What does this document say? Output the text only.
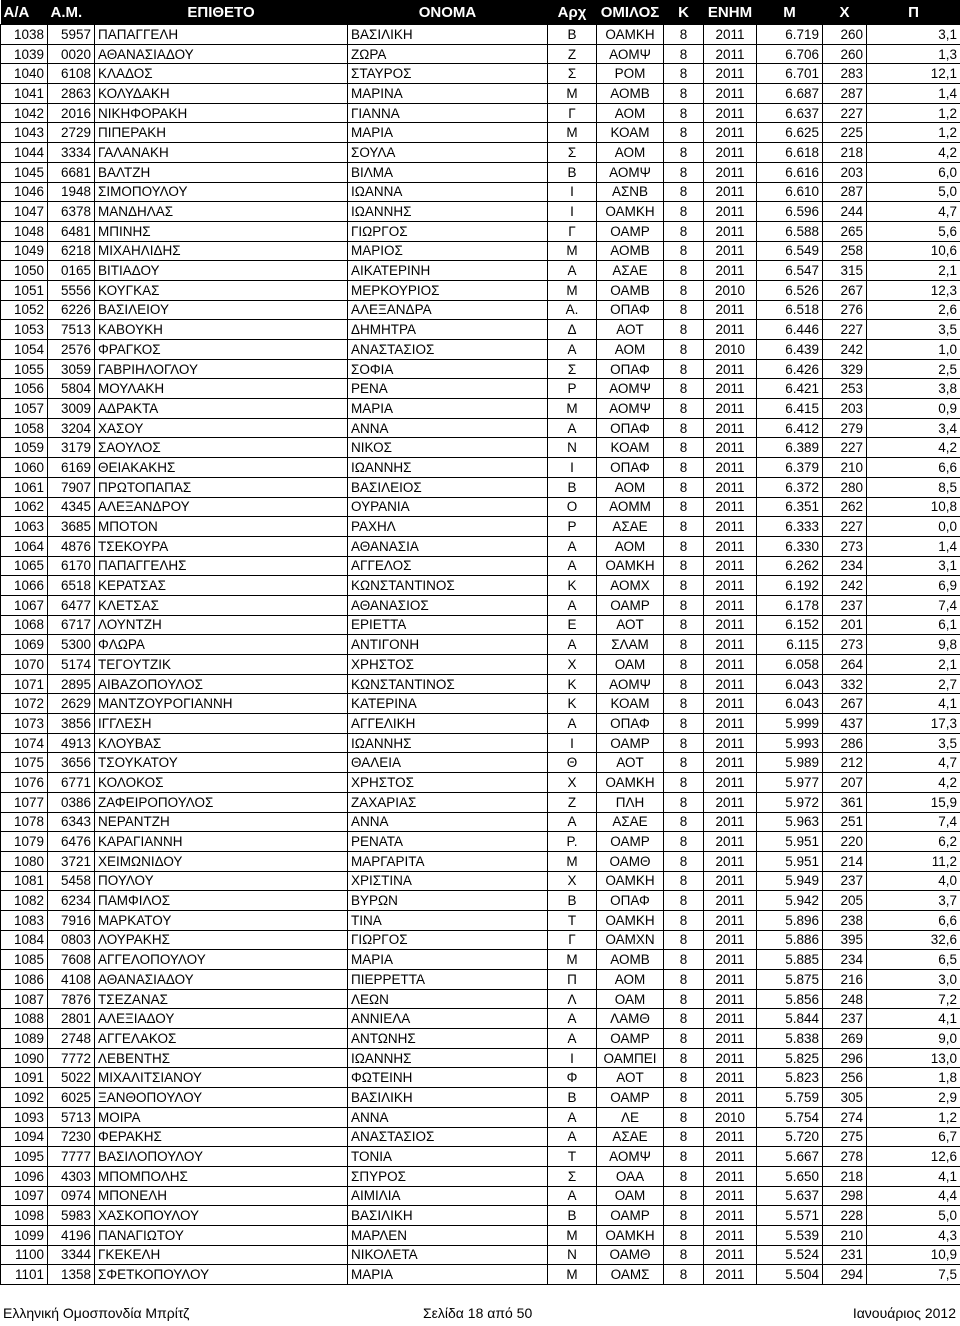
Α/Α	Α.Μ.	ΕΠΙΘΕΤΟ	ΟΝΟΜΑ	Αρχ	ΟΜΙΛΟΣ	Κ	ΕΝΗΜ	Μ	Χ	Π
1038	5957	ΠΑΠΑΓΓΕΛΗ	ΒΑΣΙΛΙΚΗ	Β	ΟΑΜΚΗ	8	2011	6.719	260	3,1
1039	0020	ΑΘΑΝΑΣΙΑΔΟΥ	ΖΩΡΑ	Ζ	ΑΟΜΨ	8	2011	6.706	260	1,3
1040	6108	ΚΛΑΔΟΣ	ΣΤΑΥΡΟΣ	Σ	ΡΟΜ	8	2011	6.701	283	12,1
1041	2863	ΚΟΛΥΔΑΚΗ	ΜΑΡΙΝΑ	Μ	ΑΟΜΒ	8	2011	6.687	287	1,4
1042	2016	ΝΙΚΗΦΟΡΑΚΗ	ΓΙΑΝΝΑ	Γ	ΑΟΜ	8	2011	6.637	227	1,2
1043	2729	ΠΙΠΕΡΑΚΗ	ΜΑΡΙΑ	Μ	ΚΟΑΜ	8	2011	6.625	225	1,2
1044	3334	ΓΑΛΑΝΑΚΗ	ΣΟΥΛΑ	Σ	ΑΟΜ	8	2011	6.618	218	4,2
1045	6681	ΒΑΛΤΖΗ	ΒΙΛΜΑ	Β	ΑΟΜΨ	8	2011	6.616	203	6,0
1046	1948	ΣΙΜΟΠΟΥΛΟΥ	ΙΩΑΝΝΑ	Ι	ΑΣΝΒ	8	2011	6.610	287	5,0
1047	6378	ΜΑΝΔΗΛΑΣ	ΙΩΑΝΝΗΣ	Ι	ΟΑΜΚΗ	8	2011	6.596	244	4,7
1048	6481	ΜΠΙΝΗΣ	ΓΙΩΡΓΟΣ	Γ	ΟΑΜΡ	8	2011	6.588	265	5,6
1049	6218	ΜΙΧΑΗΛΙΔΗΣ	ΜΑΡΙΟΣ	Μ	ΑΟΜΒ	8	2011	6.549	258	10,6
1050	0165	ΒΙΤΙΑΔΟΥ	ΑΙΚΑΤΕΡΙΝΗ	Α	ΑΣΑΕ	8	2011	6.547	315	2,1
1051	5556	ΚΟΥΓΚΑΣ	ΜΕΡΚΟΥΡΙΟΣ	Μ	ΟΑΜΒ	8	2010	6.526	267	12,3
1052	6226	ΒΑΣΙΛΕΙΟΥ	ΑΛΕΞΑΝΔΡΑ	Α.	ΟΠΑΦ	8	2011	6.518	276	2,6
1053	7513	ΚΑΒΟΥΚΗ	ΔΗΜΗΤΡΑ	Δ	ΑΟΤ	8	2011	6.446	227	3,5
1054	2576	ΦΡΑΓΚΟΣ	ΑΝΑΣΤΑΣΙΟΣ	Α	ΑΟΜ	8	2010	6.439	242	1,0
1055	3059	ΓΑΒΡΙΗΛΟΓΛΟΥ	ΣΟΦΙΑ	Σ	ΟΠΑΦ	8	2011	6.426	329	2,5
1056	5804	ΜΟΥΛΑΚΗ	ΡΕΝΑ	Ρ	ΑΟΜΨ	8	2011	6.421	253	3,8
1057	3009	ΑΔΡΑΚΤΑ	ΜΑΡΙΑ	Μ	ΑΟΜΨ	8	2011	6.415	203	0,9
1058	3204	ΧΑΣΟΥ	ΑΝΝΑ	Α	ΟΠΑΦ	8	2011	6.412	279	3,4
1059	3179	ΣΑΟΥΛΟΣ	ΝΙΚΟΣ	Ν	ΚΟΑΜ	8	2011	6.389	227	4,2
1060	6169	ΘΕΙΑΚΑΚΗΣ	ΙΩΑΝΝΗΣ	Ι	ΟΠΑΦ	8	2011	6.379	210	6,6
1061	7907	ΠΡΩΤΟΠΑΠΑΣ	ΒΑΣΙΛΕΙΟΣ	Β	ΑΟΜ	8	2011	6.372	280	8,5
1062	4345	ΑΛΕΞΑΝΔΡΟΥ	ΟΥΡΑΝΙΑ	Ο	ΑΟΜΜ	8	2011	6.351	262	10,8
1063	3685	ΜΠΟΤΟΝ	ΡΑΧΗΛ	Ρ	ΑΣΑΕ	8	2011	6.333	227	0,0
1064	4876	ΤΣΕΚΟΥΡΑ	ΑΘΑΝΑΣΙΑ	Α	ΑΟΜ	8	2011	6.330	273	1,4
1065	6170	ΠΑΠΑΓΓΕΛΗΣ	ΑΓΓΕΛΟΣ	Α	ΟΑΜΚΗ	8	2011	6.262	234	3,1
1066	6518	ΚΕΡΑΤΣΑΣ	ΚΩΝΣΤΑΝΤΙΝΟΣ	Κ	ΑΟΜΧ	8	2011	6.192	242	6,9
1067	6477	ΚΛΕΤΣΑΣ	ΑΘΑΝΑΣΙΟΣ	Α	ΟΑΜΡ	8	2011	6.178	237	7,4
1068	6717	ΛΟΥΝΤΖΗ	ΕΡΙΕΤΤΑ	Ε	ΑΟΤ	8	2011	6.152	201	6,1
1069	5300	ΦΛΩΡΑ	ΑΝΤΙΓΟΝΗ	Α	ΣΛΑΜ	8	2011	6.115	273	9,8
1070	5174	ΤΕΓΟΥΤΖΙΚ	ΧΡΗΣΤΟΣ	Χ	ΟΑΜ	8	2011	6.058	264	2,1
1071	2895	ΑΙΒΑΖΟΠΟΥΛΟΣ	ΚΩΝΣΤΑΝΤΙΝΟΣ	Κ	ΑΟΜΨ	8	2011	6.043	332	2,7
1072	2629	ΜΑΝΤΖΟΥΡΟΓΙΑΝΝΗ	ΚΑΤΕΡΙΝΑ	Κ	ΚΟΑΜ	8	2011	6.043	267	4,1
1073	3856	ΙΓΓΛΕΣΗ	ΑΓΓΕΛΙΚΗ	Α	ΟΠΑΦ	8	2011	5.999	437	17,3
1074	4913	ΚΛΟΥΒΑΣ	ΙΩΑΝΝΗΣ	Ι	ΟΑΜΡ	8	2011	5.993	286	3,5
1075	3656	ΤΣΟΥΚΑΤΟΥ	ΘΑΛΕΙΑ	Θ	ΑΟΤ	8	2011	5.989	212	4,7
1076	6771	ΚΟΛΟΚΟΣ	ΧΡΗΣΤΟΣ	Χ	ΟΑΜΚΗ	8	2011	5.977	207	4,2
1077	0386	ΖΑΦΕΙΡΟΠΟΥΛΟΣ	ΖΑΧΑΡΙΑΣ	Ζ	ΠΛΗ	8	2011	5.972	361	15,9
1078	6343	ΝΕΡΑΝΤΖΗ	ΑΝΝΑ	Α	ΑΣΑΕ	8	2011	5.963	251	7,4
1079	6476	ΚΑΡΑΓΙΑΝΝΗ	ΡΕΝΑΤΑ	Ρ.	ΟΑΜΡ	8	2011	5.951	220	6,2
1080	3721	ΧΕΙΜΩΝΙΔΟΥ	ΜΑΡΓΑΡΙΤΑ	Μ	ΟΑΜΘ	8	2011	5.951	214	11,2
1081	5458	ΠΟΥΛΟΥ	ΧΡΙΣΤΙΝΑ	Χ	ΟΑΜΚΗ	8	2011	5.949	237	4,0
1082	6234	ΠΑΜΦΙΛΟΣ	ΒΥΡΩΝ	Β	ΟΠΑΦ	8	2011	5.942	205	3,7
1083	7916	ΜΑΡΚΑΤΟΥ	ΤΙΝΑ	Τ	ΟΑΜΚΗ	8	2011	5.896	238	6,6
1084	0803	ΛΟΥΡΑΚΗΣ	ΓΙΩΡΓΟΣ	Γ	ΟΑΜΧΝ	8	2011	5.886	395	32,6
1085	7608	ΑΓΓΕΛΟΠΟΥΛΟΥ	ΜΑΡΙΑ	Μ	ΑΟΜΒ	8	2011	5.885	234	6,5
1086	4108	ΑΘΑΝΑΣΙΑΔΟΥ	ΠΙΕΡΡΕΤΤΑ	Π	ΑΟΜ	8	2011	5.875	216	3,0
1087	7876	ΤΣΕΖΑΝΑΣ	ΛΕΩΝ	Λ	ΟΑΜ	8	2011	5.856	248	7,2
1088	2801	ΑΛΕΞΙΑΔΟΥ	ΑΝΝΙΕΛΑ	Α	ΛΑΜΘ	8	2011	5.844	237	4,1
1089	2748	ΑΓΓΕΛΑΚΟΣ	ΑΝΤΩΝΗΣ	Α	ΟΑΜΡ	8	2011	5.838	269	9,0
1090	7772	ΛΕΒΕΝΤΗΣ	ΙΩΑΝΝΗΣ	Ι	ΟΑΜΠΕΙ	8	2011	5.825	296	13,0
1091	5022	ΜΙΧΑΛΙΤΣΙΑΝΟΥ	ΦΩΤΕΙΝΗ	Φ	ΑΟΤ	8	2011	5.823	256	1,8
1092	6025	ΞΑΝΘΟΠΟΥΛΟΥ	ΒΑΣΙΛΙΚΗ	Β	ΟΑΜΡ	8	2011	5.759	305	2,9
1093	5713	ΜΟΙΡΑ	ΑΝΝΑ	Α	ΛΕ	8	2010	5.754	274	1,2
1094	7230	ΦΕΡΑΚΗΣ	ΑΝΑΣΤΑΣΙΟΣ	Α	ΑΣΑΕ	8	2011	5.720	275	6,7
1095	7777	ΒΑΣΙΛΟΠΟΥΛΟΥ	ΤΟΝΙΑ	Τ	ΑΟΜΨ	8	2011	5.667	278	12,6
1096	4303	ΜΠΟΜΠΟΛΗΣ	ΣΠΥΡΟΣ	Σ	ΟΑΑ	8	2011	5.650	218	4,1
1097	0974	ΜΠΟΝΕΛΗ	ΑΙΜΙΛΙΑ	Α	ΟΑΜ	8	2011	5.637	298	4,4
1098	5983	ΧΑΣΚΟΠΟΥΛΟΥ	ΒΑΣΙΛΙΚΗ	Β	ΟΑΜΡ	8	2011	5.571	228	5,0
1099	4196	ΠΑΝΑΓΙΩΤΟΥ	ΜΑΡΛΕΝ	Μ	ΟΑΜΚΗ	8	2011	5.539	210	4,3
1100	3344	ΓΚΕΚΕΛΗ	ΝΙΚΟΛΕΤΑ	Ν	ΟΑΜΘ	8	2011	5.524	231	10,9
1101	1358	ΣΦΕΤΚΟΠΟΥΛΟΥ	ΜΑΡΙΑ	Μ	ΟΑΜΣ	8	2011	5.504	294	7,5
Ελληνική Ομοσπονδία Μπρίτζ	Σελίδα 18 από 50	Ιανουάριος 2012
